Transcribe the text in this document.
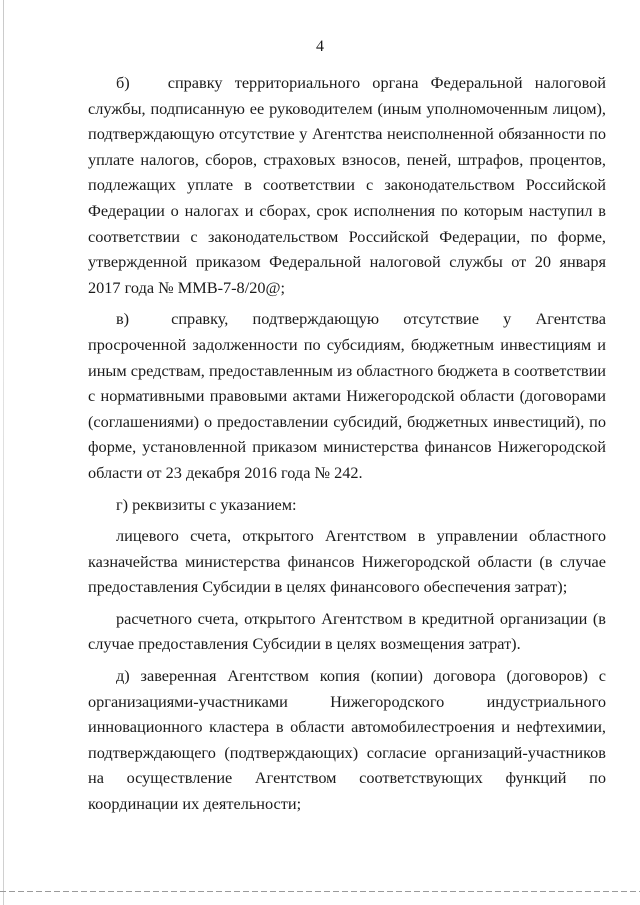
4

б) справку территориального органа Федеральной налоговой службы, подписанную ее руководителем (иным уполномоченным лицом), подтверждающую отсутствие у Агентства неисполненной обязанности по уплате налогов, сборов, страховых взносов, пеней, штрафов, процентов, подлежащих уплате в соответствии с законодательством Российской Федерации о налогах и сборах, срок исполнения по которым наступил в соответствии с законодательством Российской Федерации, по форме, утвержденной приказом Федеральной налоговой службы от 20 января 2017 года № ММВ-7-8/20@;

в)	справку, подтверждающую отсутствие у Агентства просроченной задолженности по субсидиям, бюджетным инвестициям и иным средствам, предоставленным из областного бюджета в соответствии с нормативными правовыми актами Нижегородской области (договорами (соглашениями) о предоставлении субсидий, бюджетных инвестиций), по форме, установленной приказом министерства финансов Нижегородской области от 23 декабря 2016 года № 242.

г) реквизиты с указанием:

лицевого счета, открытого Агентством в управлении областного казначейства министерства финансов Нижегородской области (в случае предоставления Субсидии в целях финансового обеспечения затрат);

расчетного счета, открытого Агентством в кредитной организации (в случае предоставления Субсидии в целях возмещения затрат).

д) заверенная Агентством копия (копии) договора (договоров) с организациями-участниками Нижегородского индустриального инновационного кластера в области автомобилестроения и нефтехимии, подтверждающего (подтверждающих) согласие организаций-участников на осуществление Агентством соответствующих функций по координации их деятельности;
